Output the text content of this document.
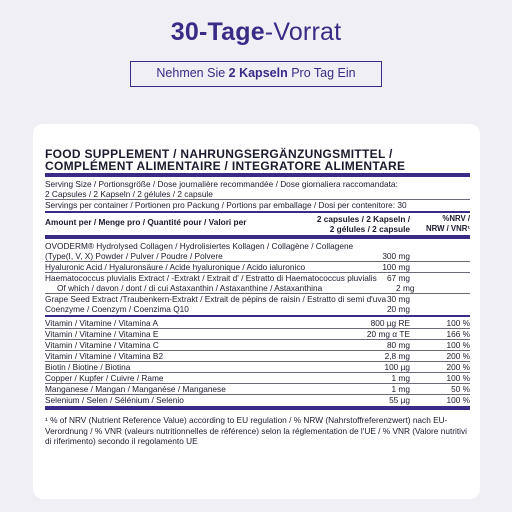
30-Tage-Vorrat
Nehmen Sie 2 Kapseln Pro Tag Ein
FOOD SUPPLEMENT / NAHRUNGSERGÄNZUNGSMITTEL /
COMPLÉMENT ALIMENTAIRE / INTEGRATORE ALIMENTARE
Serving Size / Portionsgröße / Dose journalière recommandée / Dose giornaliera raccomandata:
2 Capsules / 2 Kapseln / 2 gélules / 2 capsule
Servings per container / Portionen pro Packung / Portions par emballage / Dosi per contenitore: 30
Amount per / Menge pro / Quantité pour / Valori per	2 capsules / 2 Kapseln /
2 gélules / 2 capsule
%NRV /
NRW / VNR¹
OVODERM® Hydrolysed Collagen / Hydrolisiertes Kollagen / Collagène / Collagene
(Type(I, V, X) Powder / Pulver / Poudre / Polvere	300 mg
Hyaluronic Acid / Hyaluronsäure / Acide hyaluronique / Acido ialuronico	100 mg
Haematococcus pluvialis Extract / -Extrakt / Extrait d' / Estratto di Haematococcus pluvialis	67 mg
Of which / davon / dont / di cui Astaxanthin / Astaxanthine / Astaxanthina	2 mg
Grape Seed Extract /Traubenkern-Extrakt / Extrait de pépins de raisin / Estratto di semi d'uva 30 mg
Coenzyme / Coenzym / Coenzima Q10	20 mg
Vitamin / Vitamine / Vitamina A	800 µg RE	100 %
Vitamin / Vitamine / Vitamina E	20 mg α TE	166 %
Vitamin / Vitamine / Vitamina C	80 mg	100 %
Vitamin / Vitamine / Vitamina B2	2,8 mg	200 %
Biotin / Biotine / Biotina	100 µg	200 %
Copper / Kupfer / Cuivre / Rame	1 mg	100 %
Manganese / Mangan / Manganèse / Manganese	1 mg	50 %
Selenium / Selen / Sélénium / Selenio	55 µg	100 %
¹ % of NRV (Nutrient Reference Value) according to EU regulation / % NRW (Nahrstoffreferenzwert) nach EU-Verordnung / % VNR (valeurs nutritionnelles de référence) selon la réglementation de l'UE / % VNR (Valore nutritivi di riferimento) secondo il regolamento UE
